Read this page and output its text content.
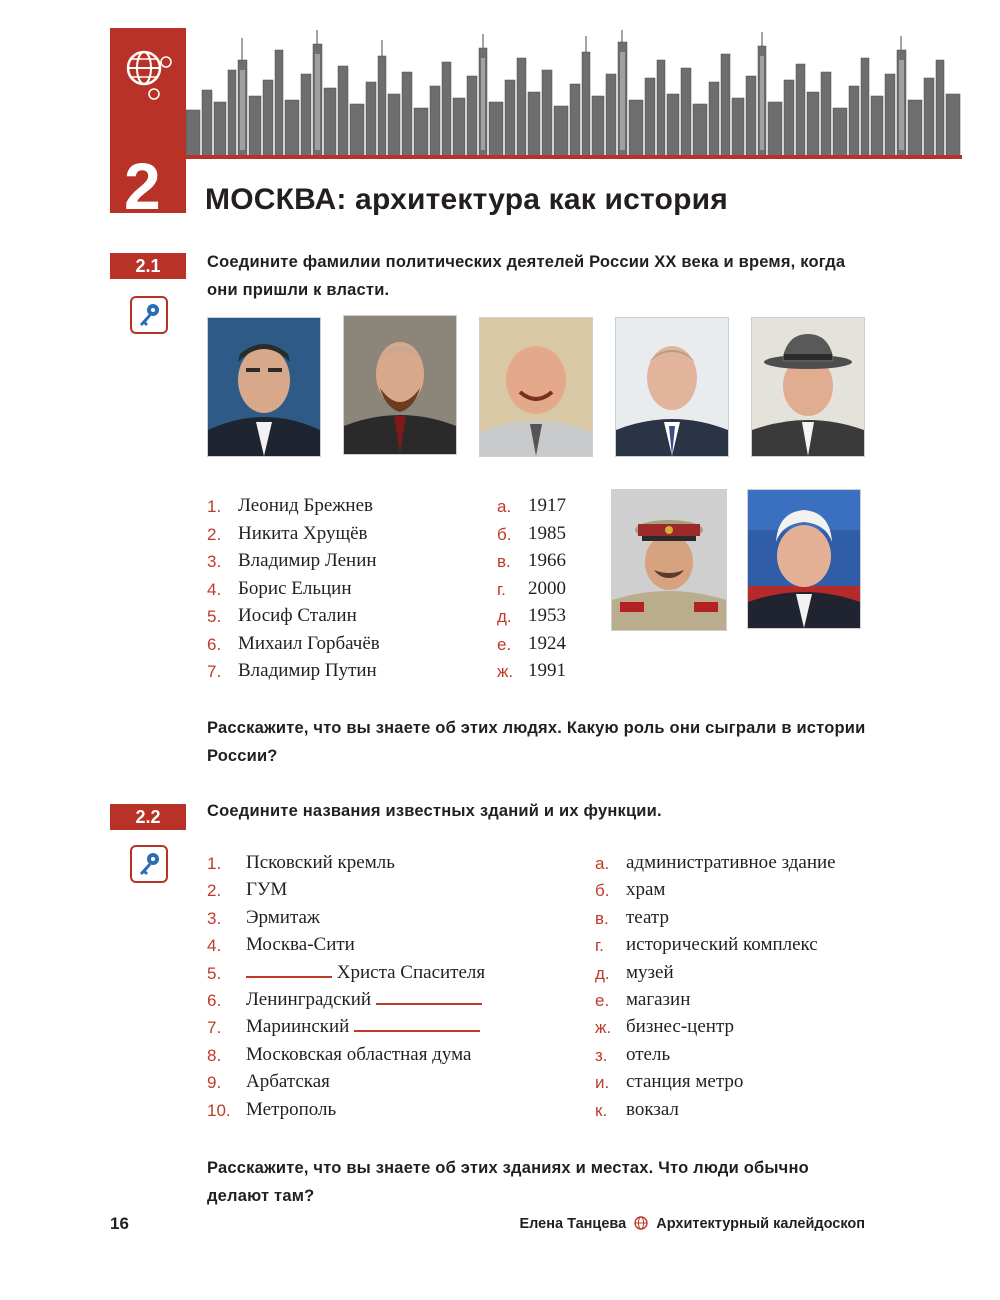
2 МОСКВА: архитектура как история
2.1	Соедините фамилии политических деятелей России XX века и время, когда они пришли к власти.
1. Леонид Брежнев
2. Никита Хрущёв
3. Владимир Ленин
4. Борис Ельцин
5. Иосиф Сталин
6. Михаил Горбачёв
7. Владимир Путин
а. 1917
б. 1985
в. 1966
г. 2000
д. 1953
е. 1924
ж. 1991
Расскажите, что вы знаете об этих людях. Какую роль они сыграли в истории России?
2.2	Соедините названия известных зданий и их функции.
1. Псковский кремль
2. ГУМ
3. Эрмитаж
4. Москва-Сити
5.	Христа Спасителя
6. Ленинградский
7. Мариинский
8. Московская областная дума
9. Арбатская
10. Метрополь
а. административное здание
б. храм
в. театр
г. исторический комплекс
д. музей
е. магазин
ж. бизнес-центр
з. отель
и. станция метро
к. вокзал
Расскажите, что вы знаете об этих зданиях и местах. Что люди обычно делают там?
16	Елена Танцева Архитектурный калейдоскоп
